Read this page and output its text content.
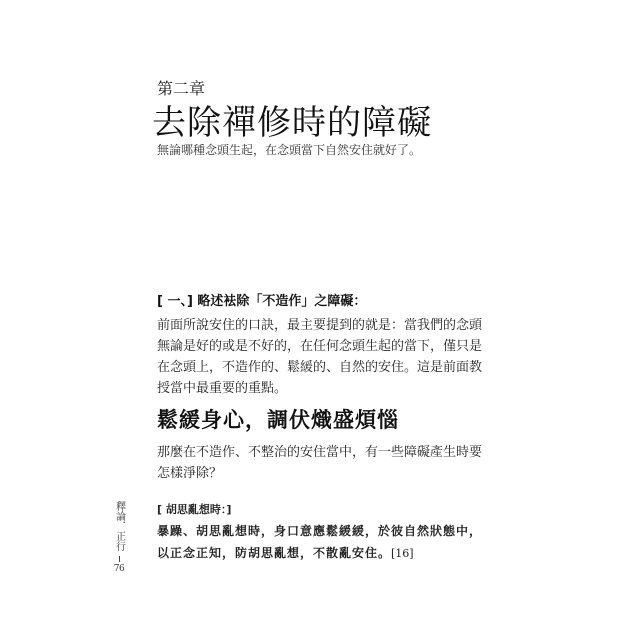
第二章
去除禪修時的障礙
無論哪種念頭生起，在念頭當下自然安住就好了。
[ 一、] 略述袪除「不造作」之障礙：

前面所說安住的口訣，最主要提到的就是：當我們的念頭無論是好的或是不好的，在任何念頭生起的當下，僅只是在念頭上，不造作的、鬆緩的、自然的安住。這是前面教授當中最重要的重點。

鬆緩身心，調伏熾盛煩惱

那麼在不造作、不整治的安住當中，有一些障礙產生時要怎樣淨除？

[ 胡思亂想時：]
暴躁、胡思亂想時，身口意應鬆緩緩，於彼自然狀態中，
以正念正知，防胡思亂想，不散亂安住。[16]
釋論．正行
76
